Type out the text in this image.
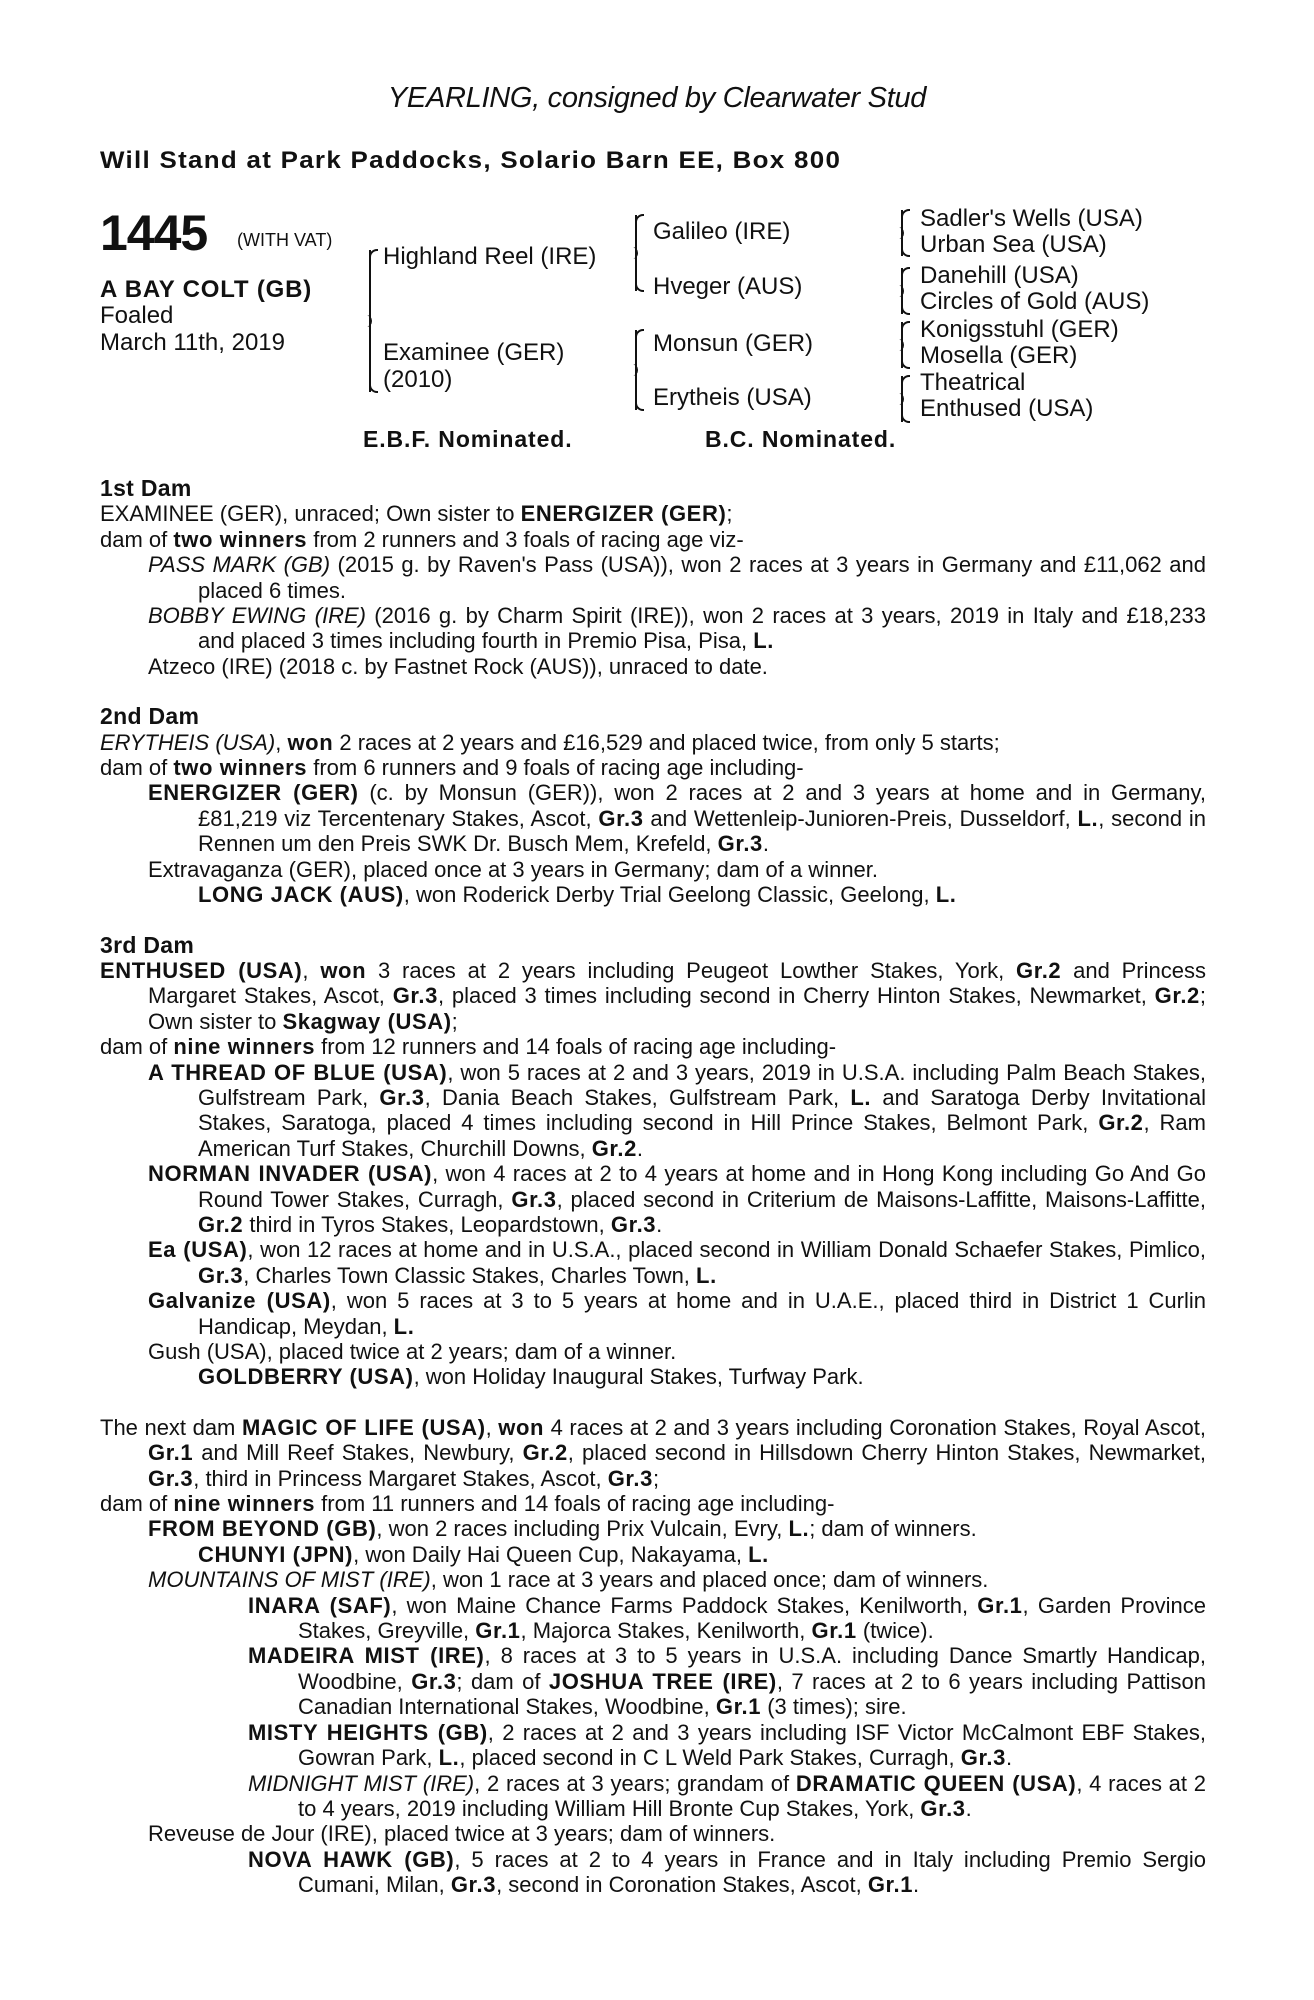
YEARLING, consigned by Clearwater Stud
Will Stand at Park Paddocks, Solario Barn EE, Box 800
1445 (WITH VAT)
A BAY COLT (GB)
Foaled
March 11th, 2019
Highland Reel (IRE)
Examinee (GER)
(2010)
Galileo (IRE)
Hveger (AUS)
Monsun (GER)
Erytheis (USA)
Sadler's Wells (USA)
Urban Sea (USA)
Danehill (USA)
Circles of Gold (AUS)
Konigsstuhl (GER)
Mosella (GER)
Theatrical
Enthused (USA)
E.B.F. Nominated.	B.C. Nominated.
1st Dam
EXAMINEE (GER), unraced; Own sister to ENERGIZER (GER);
dam of two winners from 2 runners and 3 foals of racing age viz-
PASS MARK (GB) (2015 g. by Raven's Pass (USA)), won 2 races at 3 years in Germany and £11,062 and placed 6 times.
BOBBY EWING (IRE) (2016 g. by Charm Spirit (IRE)), won 2 races at 3 years, 2019 in Italy and £18,233 and placed 3 times including fourth in Premio Pisa, Pisa, L.
Atzeco (IRE) (2018 c. by Fastnet Rock (AUS)), unraced to date.
2nd Dam
ERYTHEIS (USA), won 2 races at 2 years and £16,529 and placed twice, from only 5 starts;
dam of two winners from 6 runners and 9 foals of racing age including-
ENERGIZER (GER) (c. by Monsun (GER)), won 2 races at 2 and 3 years at home and in Germany, £81,219 viz Tercentenary Stakes, Ascot, Gr.3 and Wettenleip-Junioren-Preis, Dusseldorf, L., second in Rennen um den Preis SWK Dr. Busch Mem, Krefeld, Gr.3.
Extravaganza (GER), placed once at 3 years in Germany; dam of a winner.
LONG JACK (AUS), won Roderick Derby Trial Geelong Classic, Geelong, L.
3rd Dam
ENTHUSED (USA), won 3 races at 2 years including Peugeot Lowther Stakes, York, Gr.2 and Princess Margaret Stakes, Ascot, Gr.3, placed 3 times including second in Cherry Hinton Stakes, Newmarket, Gr.2; Own sister to Skagway (USA);
dam of nine winners from 12 runners and 14 foals of racing age including-
A THREAD OF BLUE (USA), won 5 races at 2 and 3 years, 2019 in U.S.A. including Palm Beach Stakes, Gulfstream Park, Gr.3, Dania Beach Stakes, Gulfstream Park, L. and Saratoga Derby Invitational Stakes, Saratoga, placed 4 times including second in Hill Prince Stakes, Belmont Park, Gr.2, Ram American Turf Stakes, Churchill Downs, Gr.2.
NORMAN INVADER (USA), won 4 races at 2 to 4 years at home and in Hong Kong including Go And Go Round Tower Stakes, Curragh, Gr.3, placed second in Criterium de Maisons-Laffitte, Maisons-Laffitte, Gr.2 third in Tyros Stakes, Leopardstown, Gr.3.
Ea (USA), won 12 races at home and in U.S.A., placed second in William Donald Schaefer Stakes, Pimlico, Gr.3, Charles Town Classic Stakes, Charles Town, L.
Galvanize (USA), won 5 races at 3 to 5 years at home and in U.A.E., placed third in District 1 Curlin Handicap, Meydan, L.
Gush (USA), placed twice at 2 years; dam of a winner.
GOLDBERRY (USA), won Holiday Inaugural Stakes, Turfway Park.
The next dam MAGIC OF LIFE (USA), won 4 races at 2 and 3 years including Coronation Stakes, Royal Ascot, Gr.1 and Mill Reef Stakes, Newbury, Gr.2, placed second in Hillsdown Cherry Hinton Stakes, Newmarket, Gr.3, third in Princess Margaret Stakes, Ascot, Gr.3;
dam of nine winners from 11 runners and 14 foals of racing age including-
FROM BEYOND (GB), won 2 races including Prix Vulcain, Evry, L.; dam of winners.
CHUNYI (JPN), won Daily Hai Queen Cup, Nakayama, L.
MOUNTAINS OF MIST (IRE), won 1 race at 3 years and placed once; dam of winners.
INARA (SAF), won Maine Chance Farms Paddock Stakes, Kenilworth, Gr.1, Garden Province Stakes, Greyville, Gr.1, Majorca Stakes, Kenilworth, Gr.1 (twice).
MADEIRA MIST (IRE), 8 races at 3 to 5 years in U.S.A. including Dance Smartly Handicap, Woodbine, Gr.3; dam of JOSHUA TREE (IRE), 7 races at 2 to 6 years including Pattison Canadian International Stakes, Woodbine, Gr.1 (3 times); sire.
MISTY HEIGHTS (GB), 2 races at 2 and 3 years including ISF Victor McCalmont EBF Stakes, Gowran Park, L., placed second in C L Weld Park Stakes, Curragh, Gr.3.
MIDNIGHT MIST (IRE), 2 races at 3 years; grandam of DRAMATIC QUEEN (USA), 4 races at 2 to 4 years, 2019 including William Hill Bronte Cup Stakes, York, Gr.3.
Reveuse de Jour (IRE), placed twice at 3 years; dam of winners.
NOVA HAWK (GB), 5 races at 2 to 4 years in France and in Italy including Premio Sergio Cumani, Milan, Gr.3, second in Coronation Stakes, Ascot, Gr.1.
